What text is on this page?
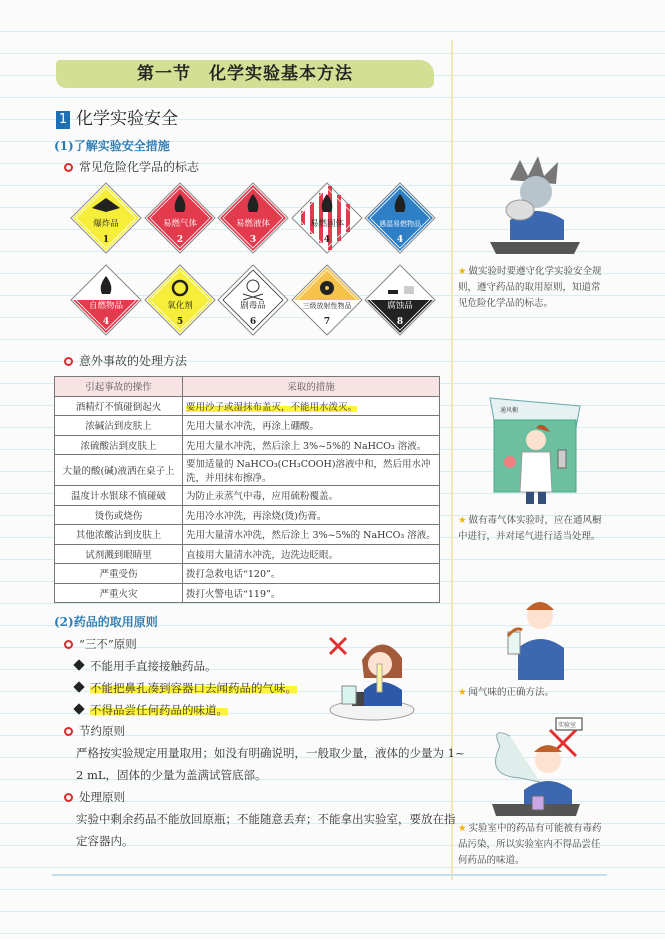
第一节　化学实验基本方法
1 化学实验安全
(1)了解实验安全措施
常见危险化学品的标志
爆炸品
1
易燃气体
2
易燃液体
3
易燃固体
4
遇湿易燃物品
4
自燃物品
4
氧化剂
5
剧毒品
6
三级放射性物品
7
腐蚀品
8
意外事故的处理方法
引起事故的操作	采取的措施
酒精灯不慎碰倒起火	要用沙子或湿抹布盖灭，不能用水泼灭。
浓碱沾到皮肤上	先用大量水冲洗，再涂上硼酸。
浓硫酸沾到皮肤上	先用大量水冲洗，然后涂上 3%~5%的 NaHCO₃ 溶液。
大量的酸(碱)液洒在桌子上	要加适量的 NaHCO₃(CH₃COOH)溶液中和，然后用水冲洗，并用抹布擦净。
温度计水银球不慎碰破	为防止汞蒸气中毒，应用硫粉覆盖。
烫伤或烧伤	先用冷水冲洗，再涂烧(烫)伤膏。
其他浓酸沾到皮肤上	先用大量清水冲洗，然后涂上 3%~5%的 NaHCO₃ 溶液。
试剂溅到眼睛里	直接用大量清水冲洗，边洗边眨眼。
严重受伤	拨打急救电话“120”。
严重火灾	拨打火警电话“119”。
(2)药品的取用原则
“三不”原则
不能用手直接接触药品。
不能把鼻孔凑到容器口去闻药品的气味。
不得品尝任何药品的味道。
节约原则
严格按实验规定用量取用；如没有明确说明，一般取少量，液体的少量为 1~
2 mL，固体的少量为盖满试管底部。
处理原则
实验中剩余药品不能放回原瓶；不能随意丢弃；不能拿出实验室，要放在指
定容器内。
★ 做实验时要遵守化学实验安全规则，遵守药品的取用原则，知道常见危险化学品的标志。
通风橱
★ 做有毒气体实验时，应在通风橱中进行，并对尾气进行适当处理。
★ 闻气味的正确方法。
实验室
★ 实验室中的药品有可能被有毒药品污染，所以实验室内不得品尝任何药品的味道。
